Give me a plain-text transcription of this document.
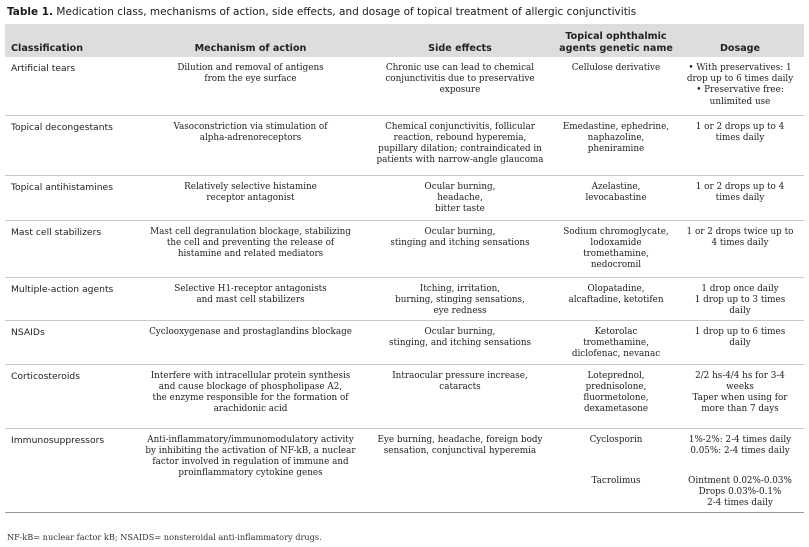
Table 1. Medication class, mechanisms of action, side effects, and dosage of topical treatment of allergic conjunctivitis
Classification	Mechanism of action	Side effects	Topical ophthalmic
agents genetic name	Dosage
Artificial tears	Dilution and removal of antigens
from the eye surface	Chronic use can lead to chemical
conjunctivitis due to preservative
exposure	Cellulose derivative	• With preservatives: 1
drop up to 6 times daily
• Preservative free:
unlimited use

Topical decongestants	Vasoconstriction via stimulation of
alpha-adrenoreceptors	Chemical conjunctivitis, follicular
reaction, rebound hyperemia,
pupillary dilation; contraindicated in
patients with narrow-angle glaucoma	Emedastine, ephedrine,
naphazoline,
pheniramine	1 or 2 drops up to 4
times daily

Topical antihistamines	Relatively selective histamine
receptor antagonist	Ocular burning,
headache,
bitter taste	Azelastine,
levocabastine	1 or 2 drops up to 4
times daily

Mast cell stabilizers	Mast cell degranulation blockage, stabilizing
the cell and preventing the release of
histamine and related mediators	Ocular burning,
stinging and itching sensations	Sodium chromoglycate,
lodoxamide
tromethamine,
nedocromil	1 or 2 drops twice up to
4 times daily

Multiple-action agents	Selective H1-receptor antagonists
and mast cell stabilizers	Itching, irritation,
burning, stinging sensations,
eye redness	Olopatadine,
alcaftadine, ketotifen	1 drop once daily
1 drop up to 3 times
daily

NSAIDs	Cyclooxygenase and prostaglandins blockage	Ocular burning,
stinging, and itching sensations	Ketorolac
tromethamine,
diclofenac, nevanac	1 drop up to 6 times
daily

Corticosteroids	Interfere with intracellular protein synthesis
and cause blockage of phospholipase A2,
the enzyme responsible for the formation of
arachidonic acid	Intraocular pressure increase,
cataracts	Loteprednol,
prednisolone,
fluormetolone,
dexametasone	2/2 hs-4/4 hs for 3-4
weeks
Taper when using for
more than 7 days

Immunosuppressors	Anti-inflammatory/immunomodulatory activity
by inhibiting the activation of NF-kB, a nuclear
factor involved in regulation of immune and
proinflammatory cytokine genes	Eye burning, headache, foreign body
sensation, conjunctival hyperemia	Cyclosporin
Tacrolimus	1%-2%: 2-4 times daily
0.05%: 2-4 times daily
Ointment 0.02%-0.03%
Drops 0.03%-0.1%
2-4 times daily
NF-kB= nuclear factor kB; NSAIDS= nonsteroidal anti-inflammatory drugs.
